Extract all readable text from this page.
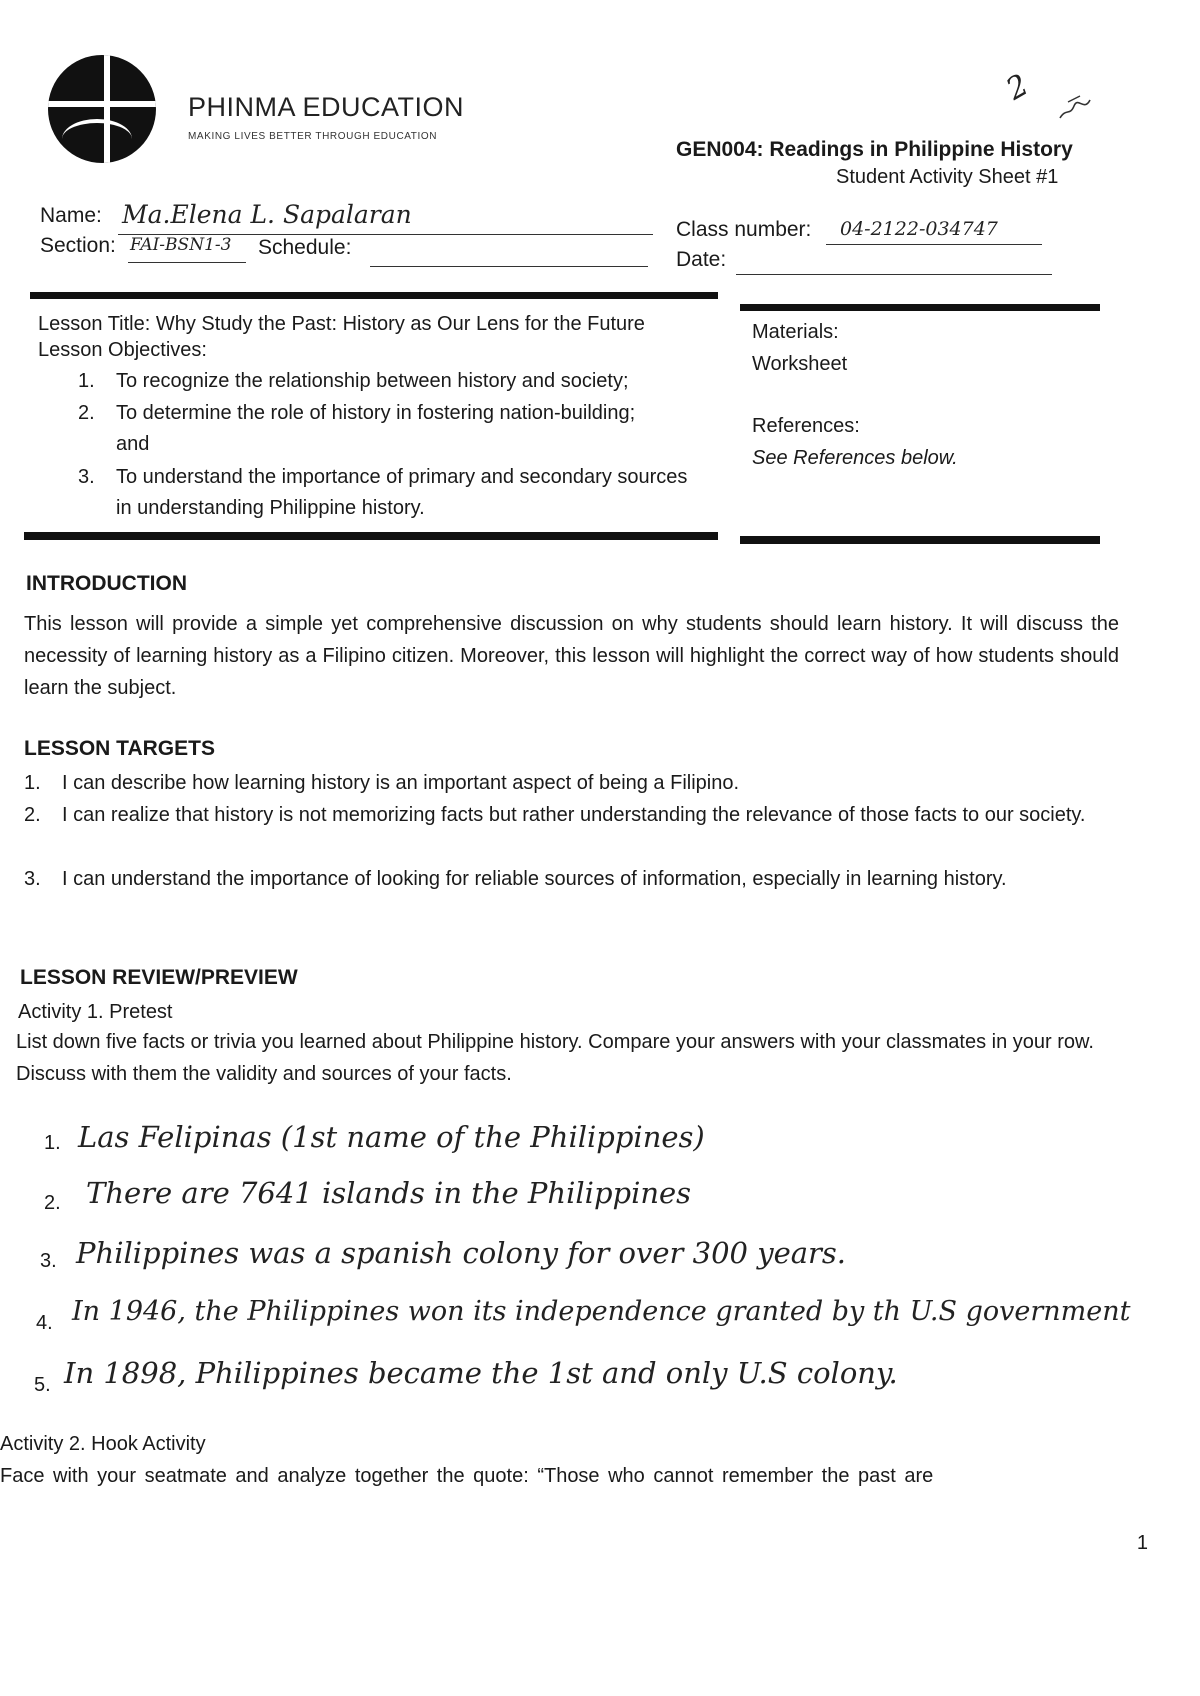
PHINMA EDUCATION
MAKING LIVES BETTER THROUGH EDUCATION
2
GEN004: Readings in Philippine History
Student Activity Sheet #1
Name: Ma.Elena L. Sapalaran
Section: FAI-BSN1-3 Schedule:
Class number: 04-2122-034747
Date:
Lesson Title: Why Study the Past: History as Our Lens for the Future
Lesson Objectives:
1. To recognize the relationship between history and society;
2. To determine the role of history in fostering nation-building; and
3. To understand the importance of primary and secondary sources in understanding Philippine history.
Materials:
Worksheet
References:
See References below.
INTRODUCTION
This lesson will provide a simple yet comprehensive discussion on why students should learn history. It will discuss the necessity of learning history as a Filipino citizen. Moreover, this lesson will highlight the correct way of how students should learn the subject.
LESSON TARGETS
1. I can describe how learning history is an important aspect of being a Filipino.
2. I can realize that history is not memorizing facts but rather understanding the relevance of those facts to our society.
3. I can understand the importance of looking for reliable sources of information, especially in learning history.
LESSON REVIEW/PREVIEW
Activity 1. Pretest
List down five facts or trivia you learned about Philippine history. Compare your answers with your classmates in your row. Discuss with them the validity and sources of your facts.
1. Las Felipinas (1st name of the Philippines)
2. There are 7641 islands in the Philippines
3. Philippines was a spanish colony for over 300 years.
4. In 1946, the Philippines won its independence granted by th U.S government
5. In 1898, Philippines became the 1st and only U.S colony.
Activity 2. Hook Activity
Face with your seatmate and analyze together the quote: “Those who cannot remember the past are
1
